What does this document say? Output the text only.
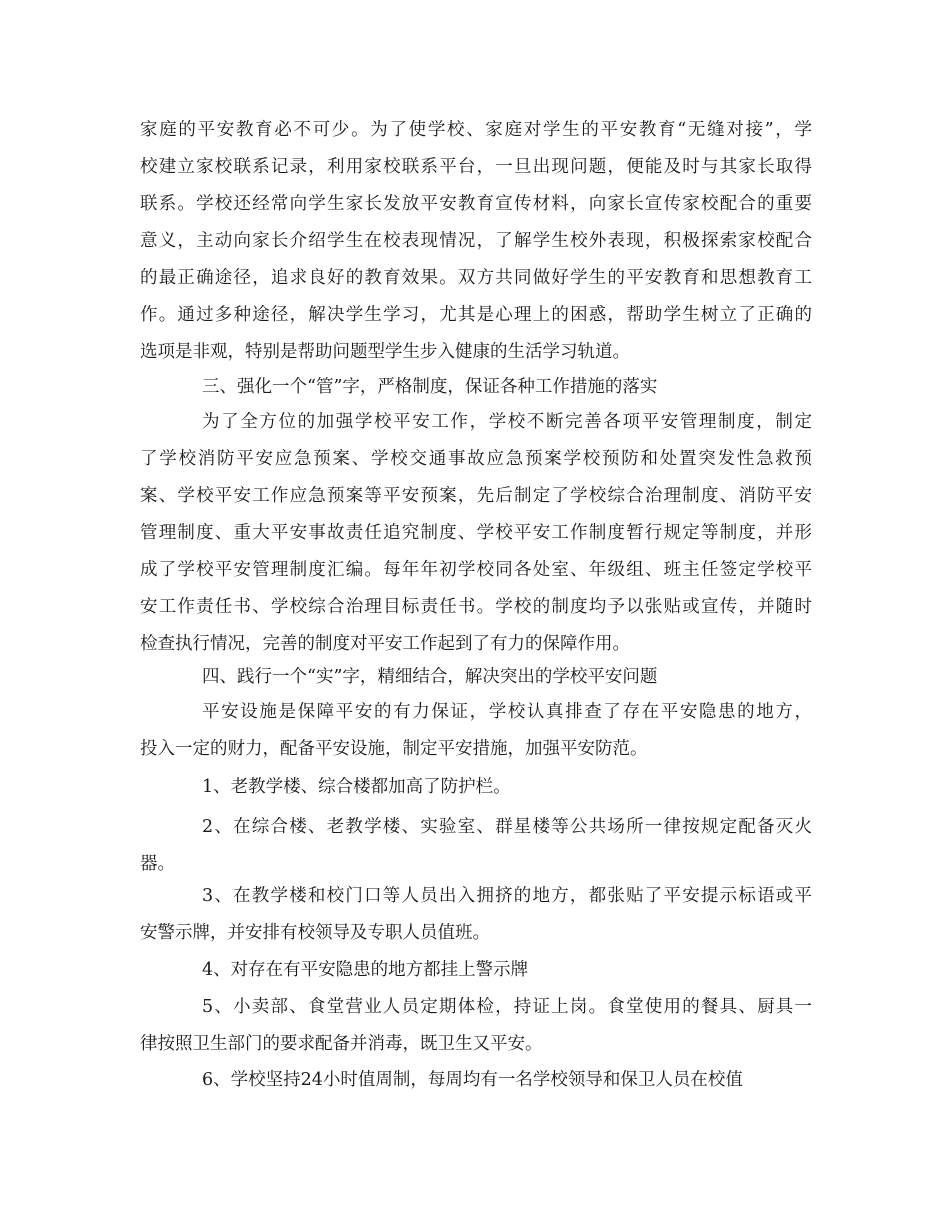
家庭的平安教育必不可少。为了使学校、家庭对学生的平安教育“无缝对接”，学
校建立家校联系记录，利用家校联系平台，一旦出现问题，便能及时与其家长取得
联系。学校还经常向学生家长发放平安教育宣传材料，向家长宣传家校配合的重要
意义，主动向家长介绍学生在校表现情况，了解学生校外表现，积极探索家校配合
的最正确途径，追求良好的教育效果。双方共同做好学生的平安教育和思想教育工
作。通过多种途径，解决学生学习，尤其是心理上的困惑，帮助学生树立了正确的
选项是非观，特别是帮助问题型学生步入健康的生活学习轨道。
三、强化一个“管”字，严格制度，保证各种工作措施的落实
为了全方位的加强学校平安工作，学校不断完善各项平安管理制度，制定
了学校消防平安应急预案、学校交通事故应急预案学校预防和处置突发性急救预
案、学校平安工作应急预案等平安预案，先后制定了学校综合治理制度、消防平安
管理制度、重大平安事故责任追究制度、学校平安工作制度暂行规定等制度，并形
成了学校平安管理制度汇编。每年年初学校同各处室、年级组、班主任签定学校平
安工作责任书、学校综合治理目标责任书。学校的制度均予以张贴或宣传，并随时
检查执行情况，完善的制度对平安工作起到了有力的保障作用。
四、践行一个“实”字，精细结合，解决突出的学校平安问题
平安设施是保障平安的有力保证，学校认真排查了存在平安隐患的地方，
投入一定的财力，配备平安设施，制定平安措施，加强平安防范。
1、老教学楼、综合楼都加高了防护栏。
2、在综合楼、老教学楼、实验室、群星楼等公共场所一律按规定配备灭火
器。
3、在教学楼和校门口等人员出入拥挤的地方，都张贴了平安提示标语或平
安警示牌，并安排有校领导及专职人员值班。
4、对存在有平安隐患的地方都挂上警示牌
5、小卖部、食堂营业人员定期体检，持证上岗。食堂使用的餐具、厨具一
律按照卫生部门的要求配备并消毒，既卫生又平安。
6、学校坚持24小时值周制，每周均有一名学校领导和保卫人员在校值
